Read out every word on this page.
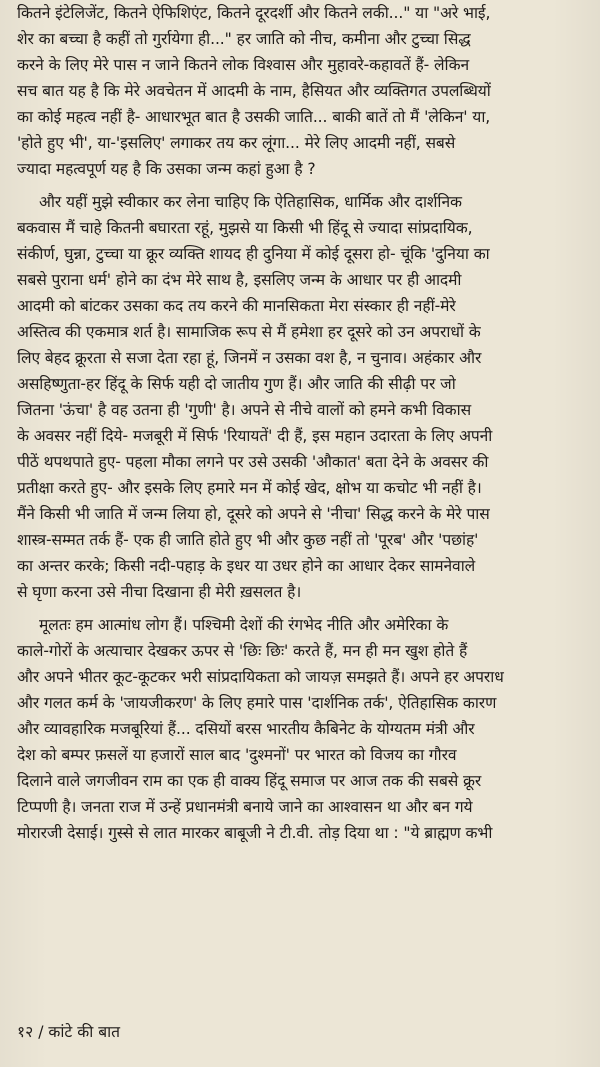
कितने इंटेलिजेंट, कितने ऐफिशिएंट, कितने दूरदर्शी और कितने लकी..." या "अरे भाई,
शेर का बच्चा है कहीं तो गुर्रायेगा ही..." हर जाति को नीच, कमीना और टुच्चा सिद्ध
करने के लिए मेरे पास न जाने कितने लोक विश्वास और मुहावरे-कहावतें हैं- लेकिन
सच बात यह है कि मेरे अवचेतन में आदमी के नाम, हैसियत और व्यक्तिगत उपलब्धियों
का कोई महत्व नहीं है- आधारभूत बात है उसकी जाति... बाकी बातें तो मैं 'लेकिन' या,
'होते हुए भी', या-'इसलिए' लगाकर तय कर लूंगा... मेरे लिए आदमी नहीं, सबसे
ज्यादा महत्वपूर्ण यह है कि उसका जन्म कहां हुआ है ?
और यहीं मुझे स्वीकार कर लेना चाहिए कि ऐतिहासिक, धार्मिक और दार्शनिक
बकवास मैं चाहे कितनी बघारता रहूं, मुझसे या किसी भी हिंदू से ज्यादा सांप्रदायिक,
संकीर्ण, घुन्ना, टुच्चा या क्रूर व्यक्ति शायद ही दुनिया में कोई दूसरा हो- चूंकि 'दुनिया का
सबसे पुराना धर्म' होने का दंभ मेरे साथ है, इसलिए जन्म के आधार पर ही आदमी
आदमी को बांटकर उसका कद तय करने की मानसिकता मेरा संस्कार ही नहीं-मेरे
अस्तित्व की एकमात्र शर्त है। सामाजिक रूप से मैं हमेशा हर दूसरे को उन अपराधों के
लिए बेहद क्रूरता से सजा देता रहा हूं, जिनमें न उसका वश है, न चुनाव। अहंकार और
असहिष्णुता-हर हिंदू के सिर्फ यही दो जातीय गुण हैं। और जाति की सीढ़ी पर जो
जितना 'ऊंचा' है वह उतना ही 'गुणी' है। अपने से नीचे वालों को हमने कभी विकास
के अवसर नहीं दिये- मजबूरी में सिर्फ 'रियायतें' दी हैं, इस महान उदारता के लिए अपनी
पीठें थपथपाते हुए- पहला मौका लगने पर उसे उसकी 'औकात' बता देने के अवसर की
प्रतीक्षा करते हुए- और इसके लिए हमारे मन में कोई खेद, क्षोभ या कचोट भी नहीं है।
मैंने किसी भी जाति में जन्म लिया हो, दूसरे को अपने से 'नीचा' सिद्ध करने के मेरे पास
शास्त्र-सम्मत तर्क हैं- एक ही जाति होते हुए भी और कुछ नहीं तो 'पूरब' और 'पछांह'
का अन्तर करके; किसी नदी-पहाड़ के इधर या उधर होने का आधार देकर सामनेवाले
से घृणा करना उसे नीचा दिखाना ही मेरी ख़सलत है।
मूलतः हम आत्मांध लोग हैं। पश्चिमी देशों की रंगभेद नीति और अमेरिका के
काले-गोरों के अत्याचार देखकर ऊपर से 'छिः छिः' करते हैं, मन ही मन खुश होते हैं
और अपने भीतर कूट-कूटकर भरी सांप्रदायिकता को जायज़ समझते हैं। अपने हर अपराध
और गलत कर्म के 'जायजीकरण' के लिए हमारे पास 'दार्शनिक तर्क', ऐतिहासिक कारण
और व्यावहारिक मजबूरियां हैं... दसियों बरस भारतीय कैबिनेट के योग्यतम मंत्री और
देश को बम्पर फ़सलें या हजारों साल बाद 'दुश्मनों' पर भारत को विजय का गौरव
दिलाने वाले जगजीवन राम का एक ही वाक्य हिंदू समाज पर आज तक की सबसे क्रूर
टिप्पणी है। जनता राज में उन्हें प्रधानमंत्री बनाये जाने का आश्वासन था और बन गये
मोरारजी देसाई। गुस्से से लात मारकर बाबूजी ने टी.वी. तोड़ दिया था : "ये ब्राह्मण कभी
१२ / कांटे की बात
